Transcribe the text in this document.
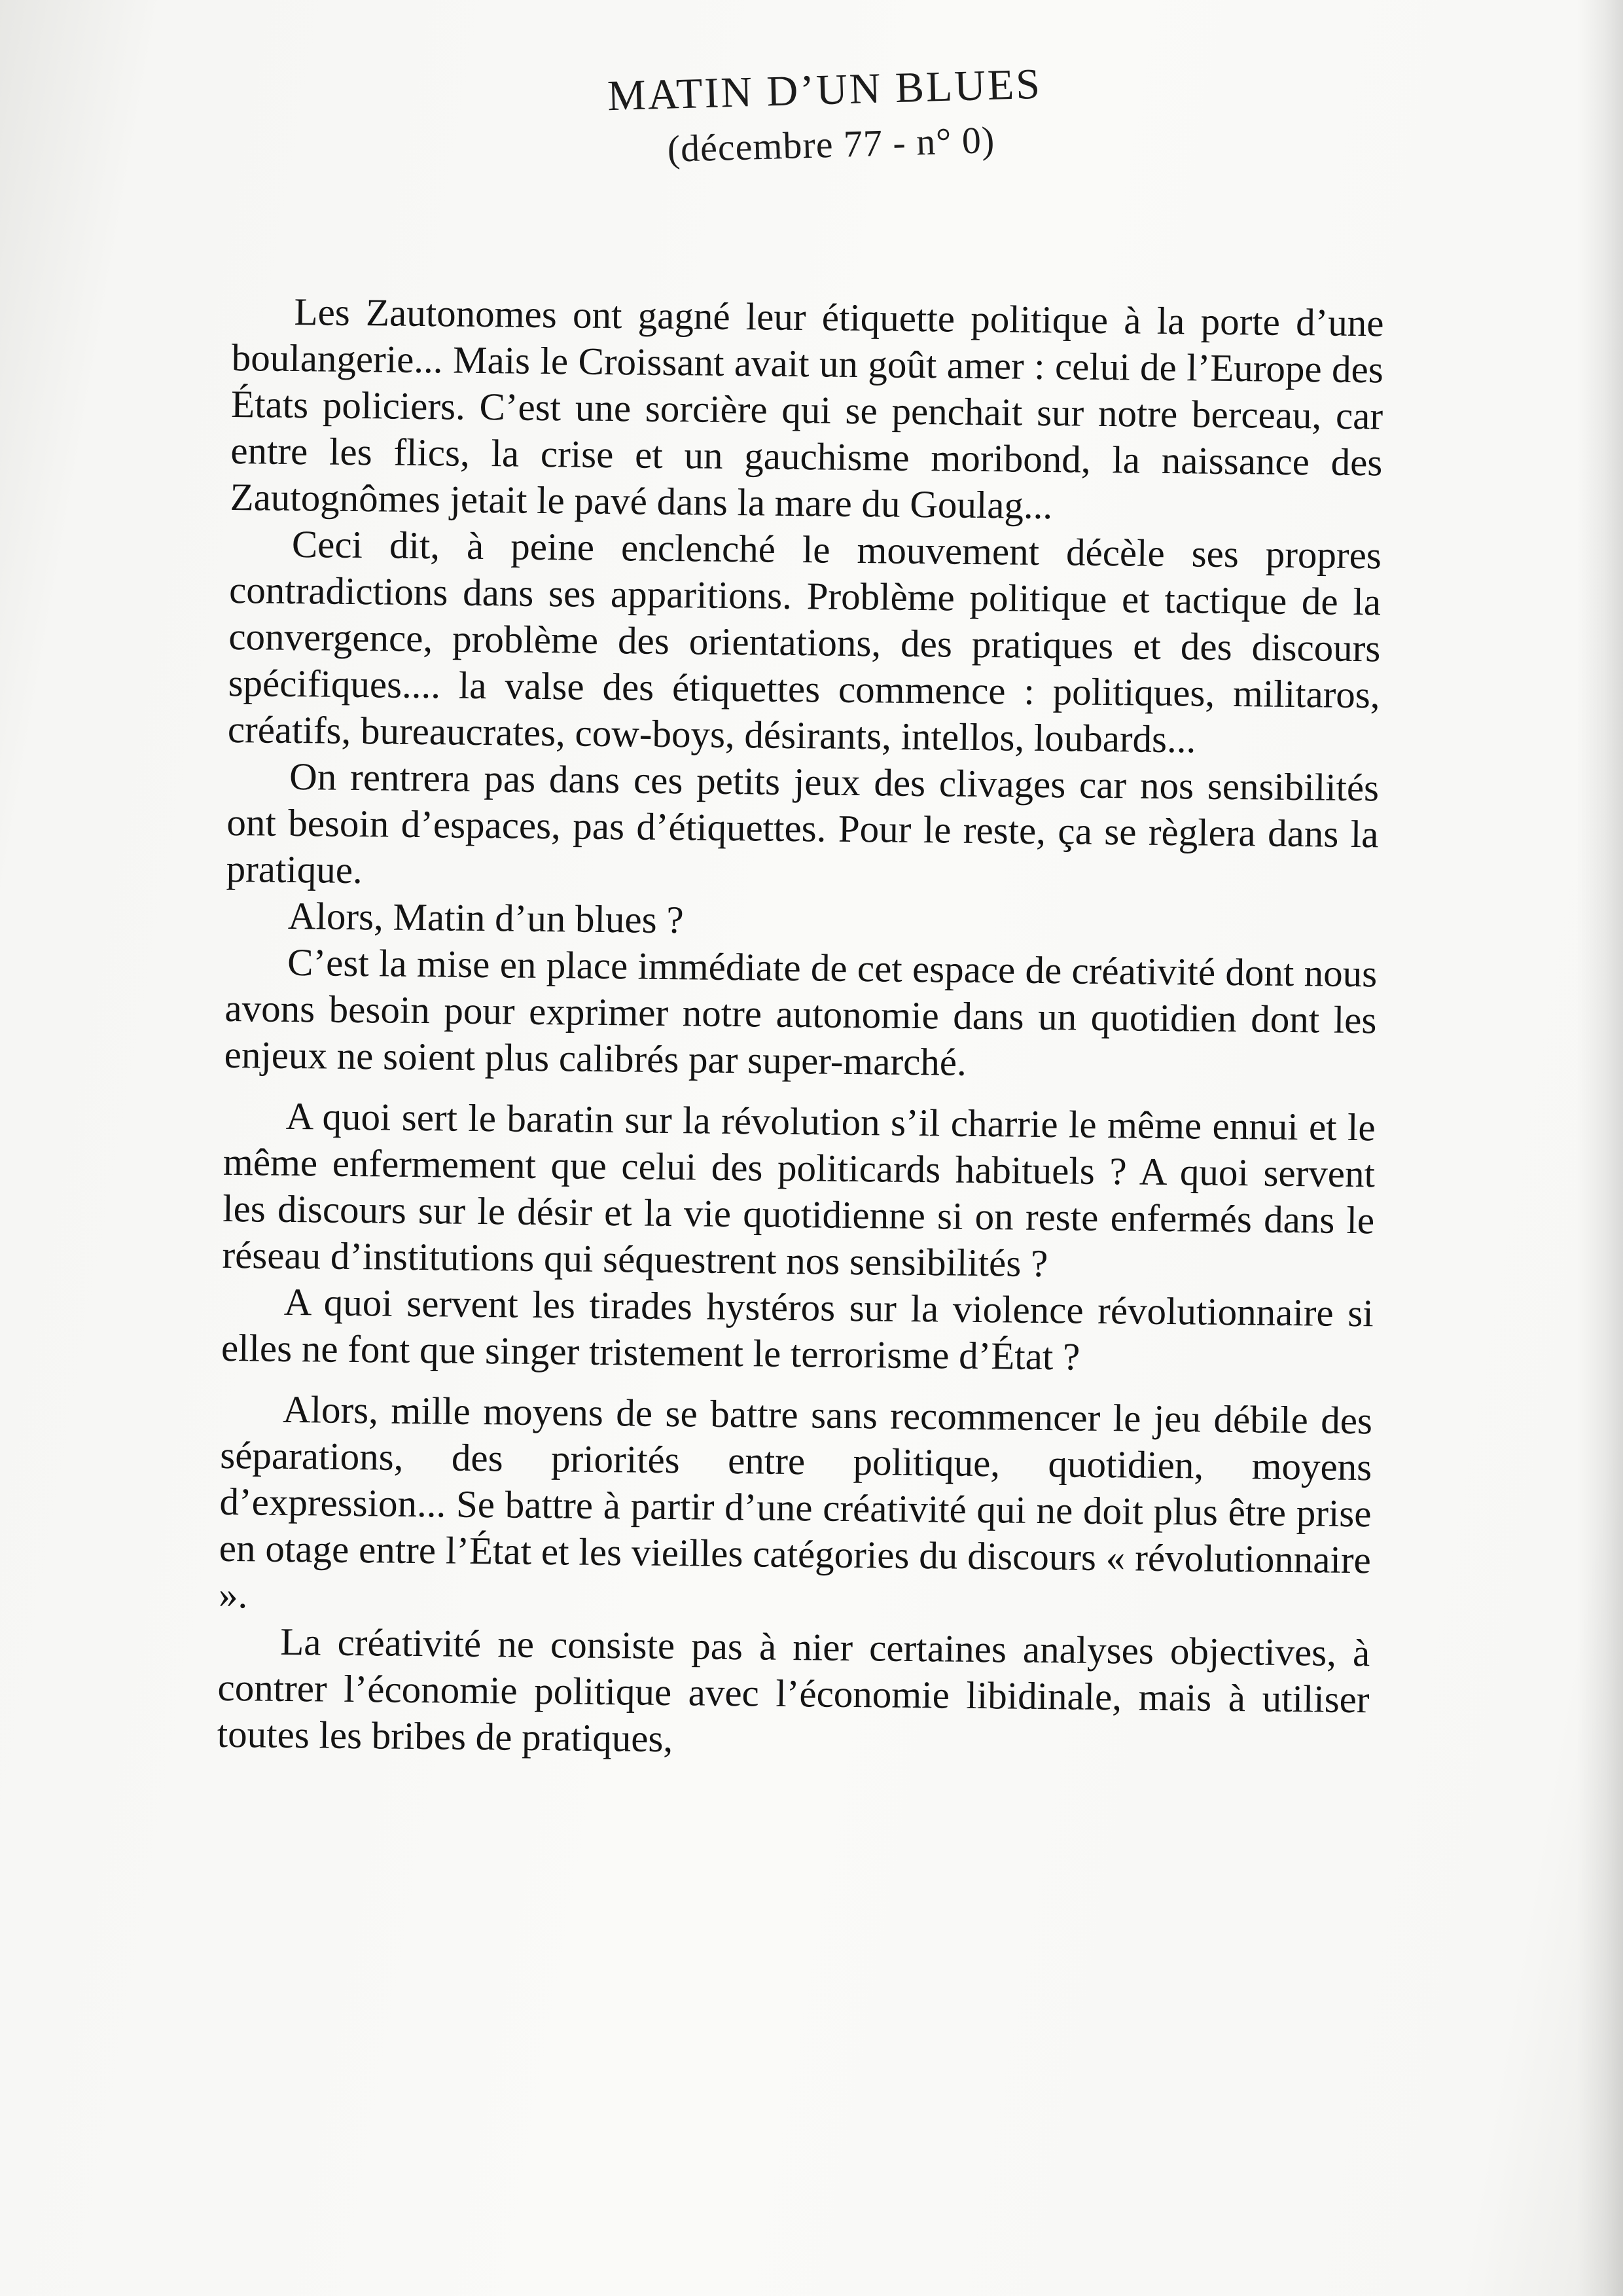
MATIN D’UN BLUES
(décembre 77 - n° 0)

Les Zautonomes ont gagné leur étiquette politique à la porte d’une boulangerie... Mais le Croissant avait un goût amer : celui de l’Europe des États policiers. C’est une sorcière qui se penchait sur notre berceau, car entre les flics, la crise et un gauchisme moribond, la naissance des Zautognômes jetait le pavé dans la mare du Goulag...

Ceci dit, à peine enclenché le mouvement décèle ses propres contradictions dans ses apparitions. Problème politique et tactique de la convergence, problème des orientations, des pratiques et des discours spécifiques.... la valse des étiquettes commence : politiques, militaros, créatifs, bureaucrates, cow-boys, désirants, intellos, loubards...

On rentrera pas dans ces petits jeux des clivages car nos sensibilités ont besoin d’espaces, pas d’étiquettes. Pour le reste, ça se règlera dans la pratique.

Alors, Matin d’un blues ?

C’est la mise en place immédiate de cet espace de créativité dont nous avons besoin pour exprimer notre autonomie dans un quotidien dont les enjeux ne soient plus calibrés par super-marché.

A quoi sert le baratin sur la révolution s’il charrie le même ennui et le même enfermement que celui des politicards habituels ? A quoi servent les discours sur le désir et la vie quotidienne si on reste enfermés dans le réseau d’institutions qui séquestrent nos sensibilités ?

A quoi servent les tirades hystéros sur la violence révolutionnaire si elles ne font que singer tristement le terrorisme d’État ?

Alors, mille moyens de se battre sans recommencer le jeu débile des séparations, des priorités entre politique, quotidien, moyens d’expression... Se battre à partir d’une créativité qui ne doit plus être prise en otage entre l’État et les vieilles catégories du discours « révolutionnaire ».

La créativité ne consiste pas à nier certaines analyses objectives, à contrer l’économie politique avec l’économie libidinale, mais à utiliser toutes les bribes de pratiques,
